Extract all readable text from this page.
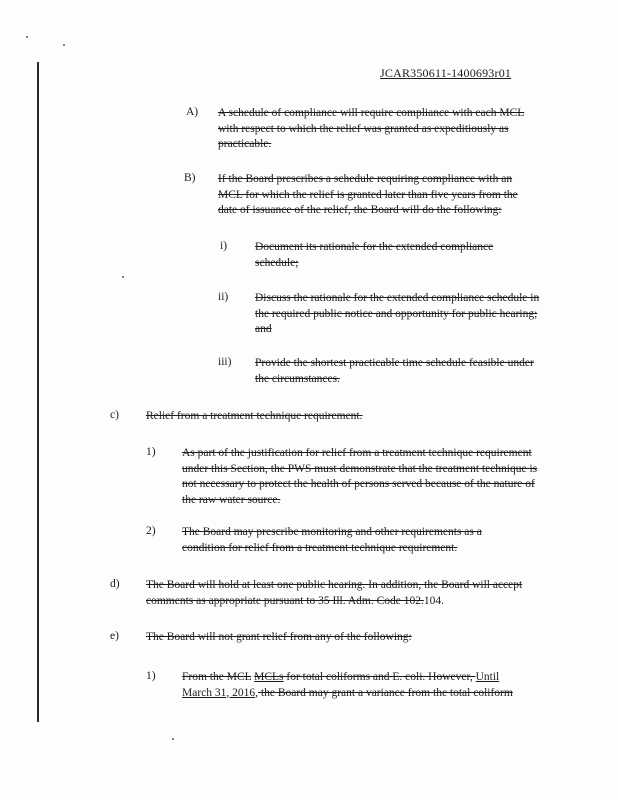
JCAR350611-1400693r01
A) A schedule of compliance will require compliance with each MCL with respect to which the relief was granted as expeditiously as practicable.

B) If the Board prescribes a schedule requiring compliance with an MCL for which the relief is granted later than five years from the date of issuance of the relief, the Board will do the following:

i) Document its rationale for the extended compliance schedule;

ii) Discuss the rationale for the extended compliance schedule in the required public notice and opportunity for public hearing; and

iii) Provide the shortest practicable time schedule feasible under the circumstances.

c) Relief from a treatment technique requirement.

1) As part of the justification for relief from a treatment technique requirement under this Section, the PWS must demonstrate that the treatment technique is not necessary to protect the health of persons served because of the nature of the raw water source.

2) The Board may prescribe monitoring and other requirements as a condition for relief from a treatment technique requirement.

d) The Board will hold at least one public hearing. In addition, the Board will accept comments as appropriate pursuant to 35 Ill. Adm. Code 102.104.

e) The Board will not grant relief from any of the following:

1) From the MCL MCLs for total coliforms and E. coli. However, Until March 31, 2016, the Board may grant a variance from the total coliform
